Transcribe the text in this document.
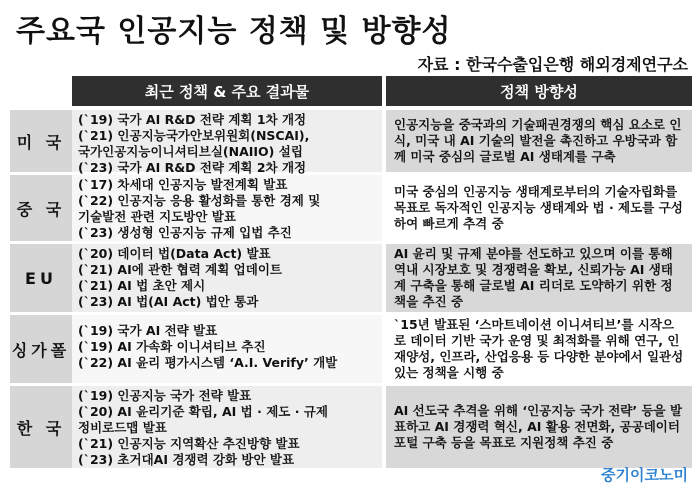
주요국 인공지능 정책 및 방향성
자료 : 한국수출입은행 해외경제연구소
최근 정책 & 주요 결과물	정책 방향성
미 국
(`19) 국가 AI R&D 전략 계획 1차 개정
(`21) 인공지능국가안보위원회(NSCAI),
국가인공지능이니셔티브실(NAIIO) 설립
(`23) 국가 AI R&D 전략 계획 2차 개정
인공지능을 중국과의 기술패권경쟁의 핵심 요소로 인식, 미국 내 AI 기술의 발전을 촉진하고 우방국과 함께 미국 중심의 글로벌 AI 생태계를 구축
중 국
(`17) 차세대 인공지능 발전계획 발표
(`22) 인공지능 응용 활성화를 통한 경제 및
기술발전 관련 지도방안 발표
(`23) 생성형 인공지능 규제 입법 추진
미국 중심의 인공지능 생태계로부터의 기술자립화를 목표로 독자적인 인공지능 생태계와 법 · 제도를 구성하여 빠르게 추격 중
EU
(`20) 데이터 법(Data Act) 발표
(`21) AI에 관한 협력 계획 업데이트
(`21) AI 법 초안 제시
(`23) AI 법(AI Act) 법안 통과
AI 윤리 및 규제 분야를 선도하고 있으며 이를 통해 역내 시장보호 및 경쟁력을 확보, 신뢰가능 AI 생태계 구축을 통해 글로벌 AI 리더로 도약하기 위한 정책을 추진 중
싱가폴
(`19) 국가 AI 전략 발표
(`19) AI 가속화 이니셔티브 추진
(`22) AI 윤리 평가시스템 ‘A.I. Verify’ 개발
`15년 발표된 ‘스마트네이션 이니셔티브’를 시작으로 데이터 기반 국가 운영 및 최적화를 위해 연구, 인재양성, 인프라, 산업응용 등 다양한 분야에서 일관성 있는 정책을 시행 중
한 국
(`19) 인공지능 국가 전략 발표
(`20) AI 윤리기준 확립, AI 법 · 제도 · 규제
정비로드맵 발표
(`21) 인공지능 지역확산 추진방향 발표
(`23) 초거대AI 경쟁력 강화 방안 발표
AI 선도국 추격을 위해 ‘인공지능 국가 전략’ 등을 발표하고 AI 경쟁력 혁신, AI 활용 전면화, 공공데이터 포털 구축 등을 목표로 지원정책 추진 중
중기이코노미
